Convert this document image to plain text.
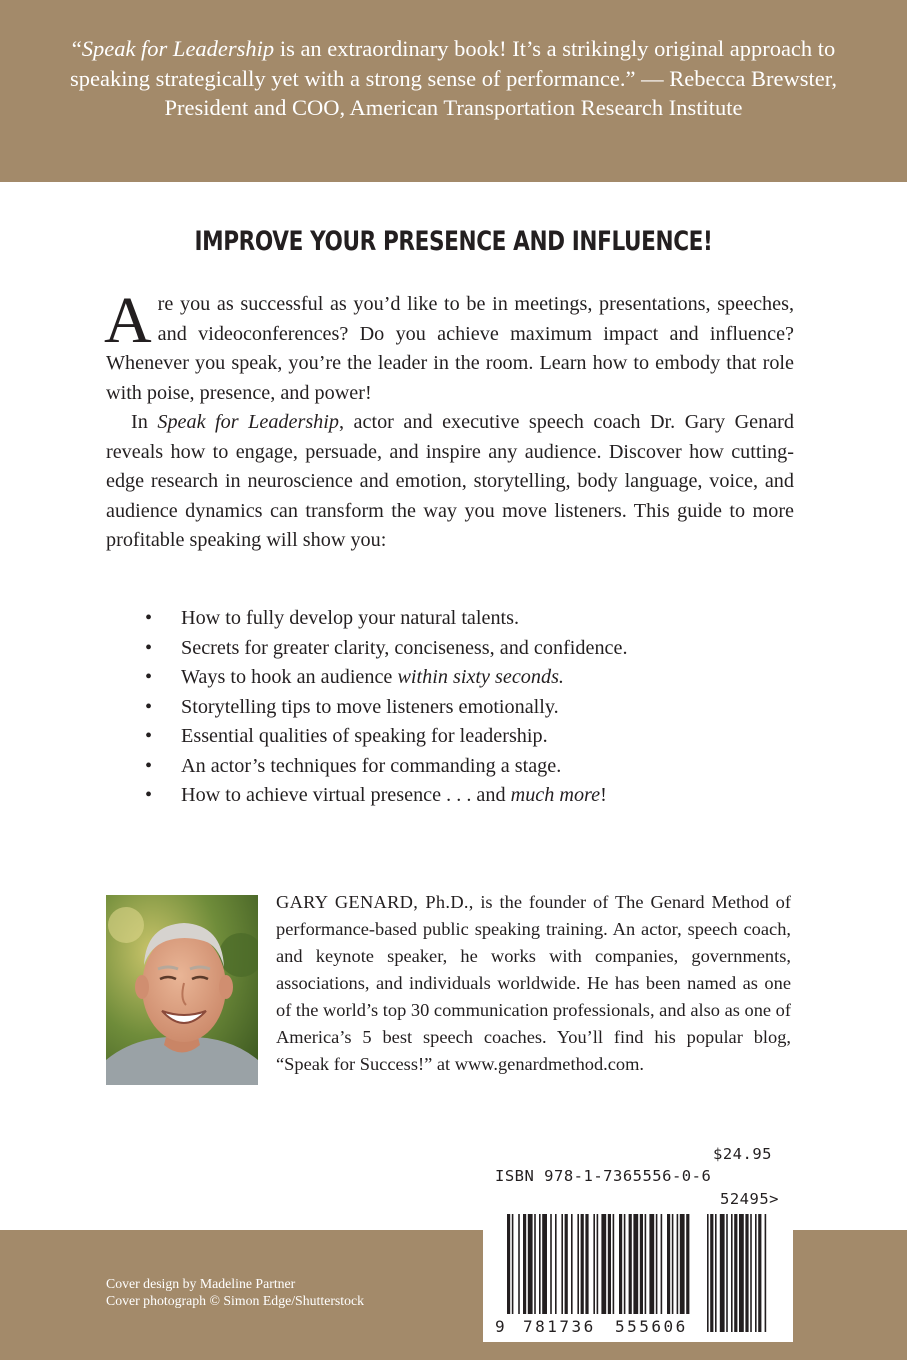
“Speak for Leadership is an extraordinary book! It’s a strikingly original approach to speaking strategically yet with a strong sense of performance.” — Rebecca Brewster, President and COO, American Transportation Research Institute
IMPROVE YOUR PRESENCE AND INFLUENCE!

Are you as successful as you’d like to be in meetings, presentations, speeches, and videoconferences? Do you achieve maximum impact and influence? Whenever you speak, you’re the leader in the room. Learn how to embody that role with poise, presence, and power!

In Speak for Leadership, actor and executive speech coach Dr. Gary Genard reveals how to engage, persuade, and inspire any audience. Discover how cutting-edge research in neuroscience and emotion, storytelling, body language, voice, and audience dynamics can transform the way you move listeners. This guide to more profitable speaking will show you:

• How to fully develop your natural talents.
• Secrets for greater clarity, conciseness, and confidence.
• Ways to hook an audience within sixty seconds.
• Storytelling tips to move listeners emotionally.
• Essential qualities of speaking for leadership.
• An actor’s techniques for commanding a stage.
• How to achieve virtual presence . . . and much more!
GARY GENARD, Ph.D., is the founder of The Genard Method of performance-based public speaking training. An actor, speech coach, and keynote speaker, he works with companies, governments, associations, and individuals worldwide. He has been named as one of the world’s top 30 communication professionals, and also as one of America’s 5 best speech coaches. You’ll find his popular blog, “Speak for Success!” at www.genardmethod.com.
Cover design by Madeline Partner
Cover photograph © Simon Edge/Shutterstock
$24.95
ISBN 978-1-7365556-0-6
52495>
9 781736 555606
